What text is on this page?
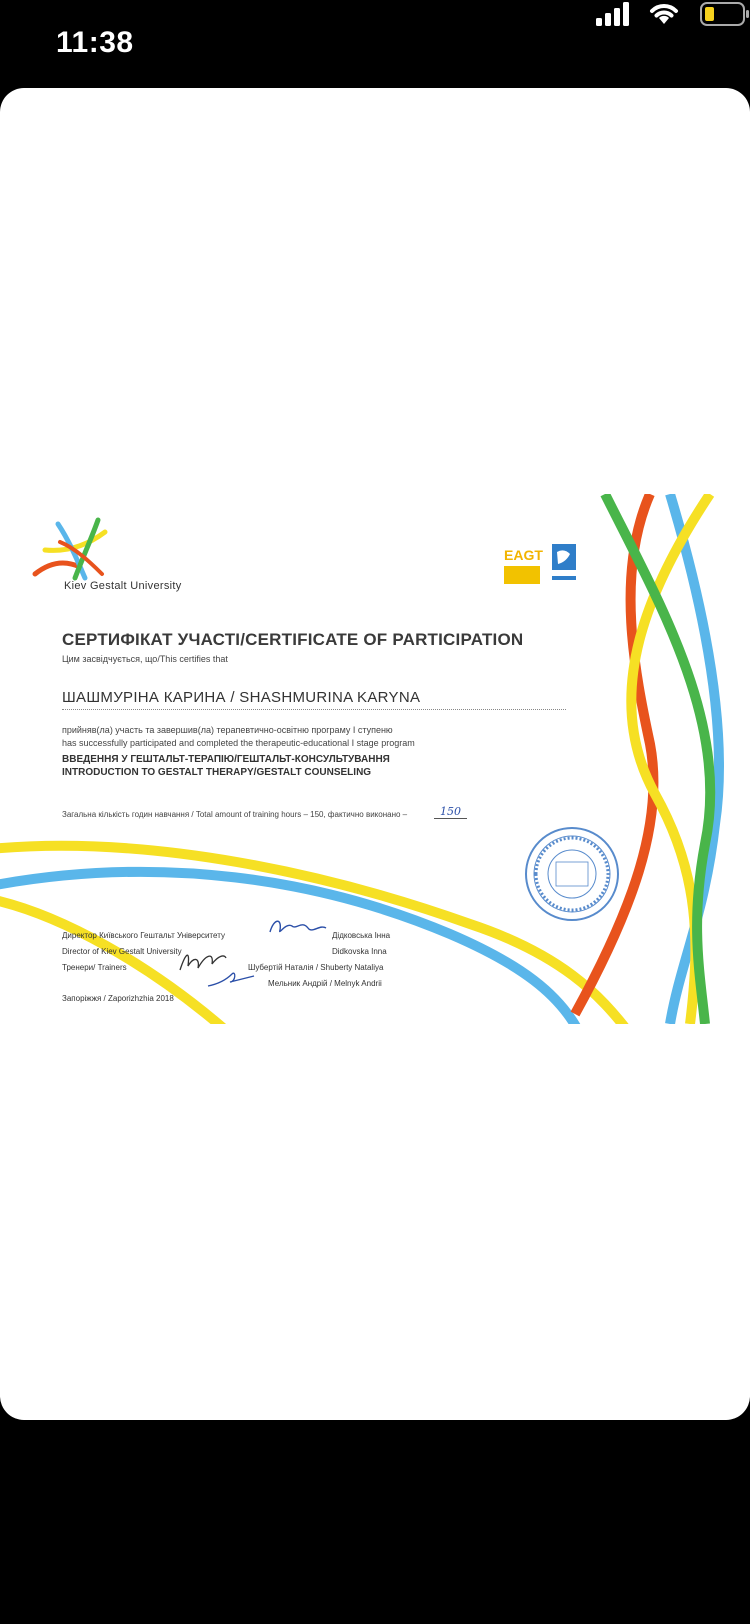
11:38
Kiev Gestalt University
EAGT
СЕРТИФІКАТ УЧАСТІ/CERTIFICATE OF PARTICIPATION
Цим засвідчується, що/This certifies that
ШАШМУРІНА КАРИНА / SHASHMURINA KARYNA
прийняв(ла) участь та завершив(ла) терапевтично-освітню програму I ступеню
has successfully participated and completed the therapeutic-educational I stage program
ВВЕДЕННЯ У ГЕШТАЛЬТ-ТЕРАПІЮ/ГЕШТАЛЬТ-КОНСУЛЬТУВАННЯ
INTRODUCTION TO GESTALT THERAPY/GESTALT COUNSELING
Загальна кількість годин навчання / Total amount of training hours – 150, фактично виконано –	150
Директор Київського Гештальт Університету
Director of Kiev Gestalt University
Тренери/ Trainers
Запоріжжя / Zaporizhzhia 2018
Дідковська Інна
Didkovska Inna
Шубертій Наталія / Shuberty Nataliya
Мельник Андрій / Melnyk Andrii
